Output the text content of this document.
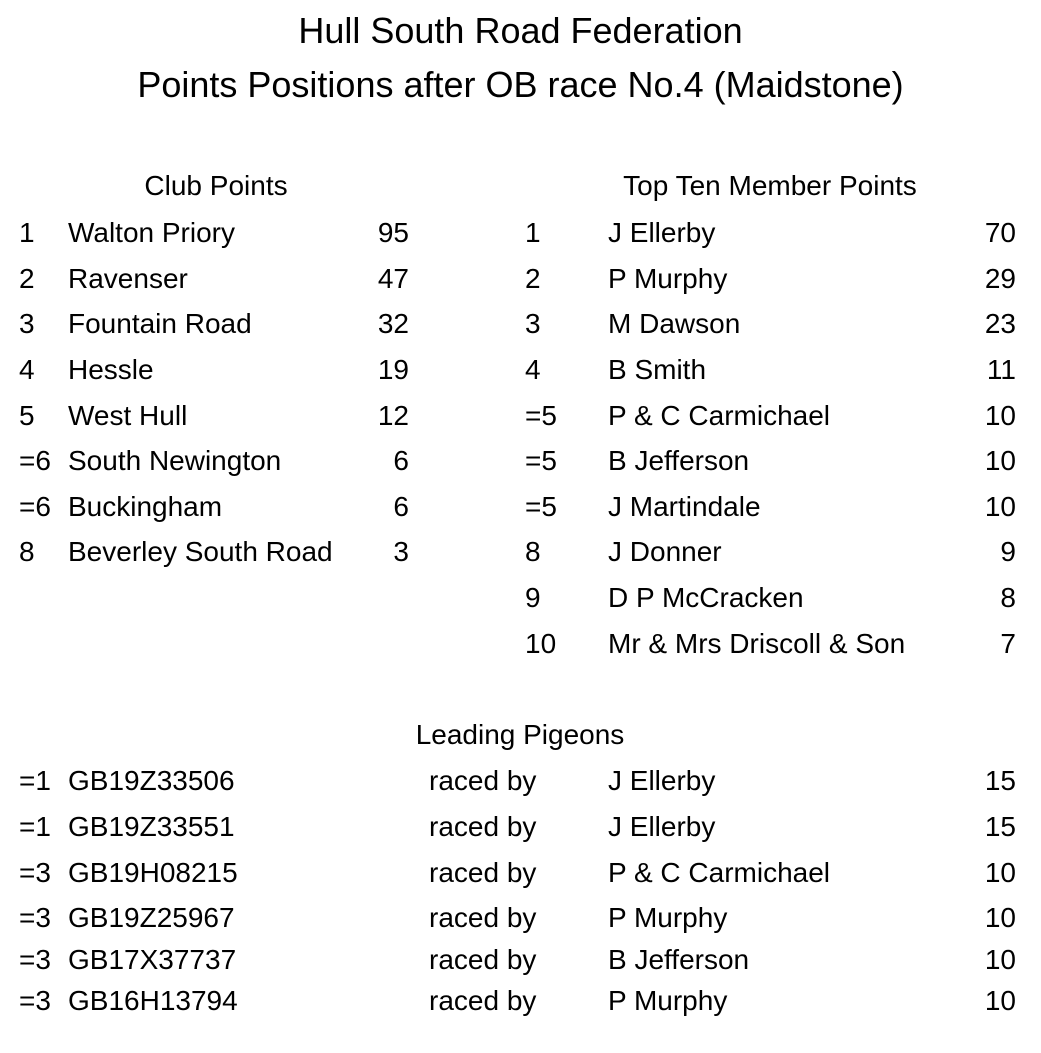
Hull South Road Federation
Points Positions after OB race No.4 (Maidstone)
Club Points	Top Ten Member Points
Leading Pigeons
1 Walton Priory	95
2 Ravenser	47
3 Fountain Road	32
4 Hessle	19
5 West Hull	12
=6 South Newington	6
=6 Buckingham	6
8 Beverley South Road	3
1 J Ellerby	70
2 P Murphy	29
3 M Dawson	23
4 B Smith	11
=5 P & C Carmichael	10
=5 B Jefferson	10
=5 J Martindale	10
8 J Donner	9
9 D P McCracken	8
10 Mr & Mrs Driscoll & Son	7
=1 GB19Z33506	raced by	J Ellerby	15
=1 GB19Z33551	raced by	J Ellerby	15
=3 GB19H08215	raced by	P & C Carmichael	10
=3 GB19Z25967	raced by	P Murphy	10
=3 GB17X37737	raced by	B Jefferson	10
=3 GB16H13794	raced by	P Murphy	10
